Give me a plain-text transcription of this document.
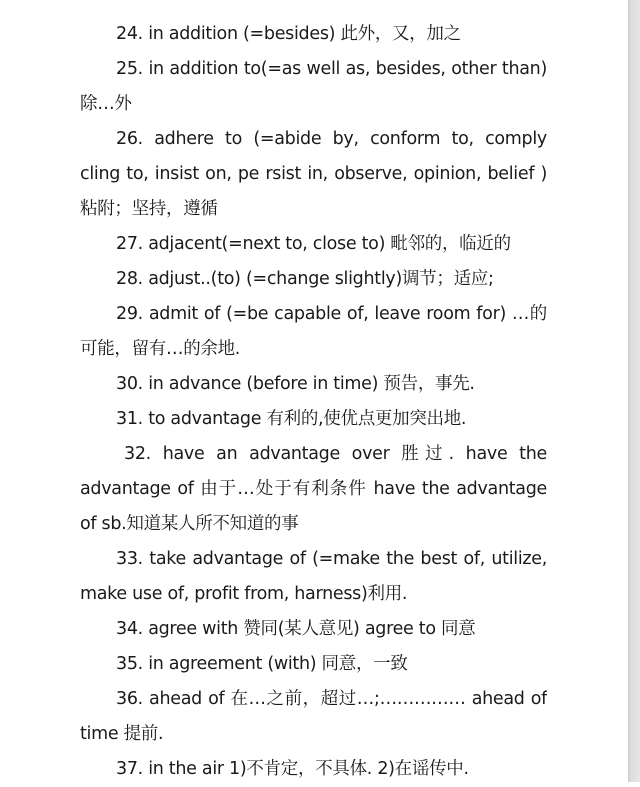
24. in addition (=besides) 此外，又，加之
25. in addition to(=as well as, besides, other than)
除…外
26. adhere to (=abide by, conform to, comply
cling to, insist on, pe rsist in, observe, opinion, belief )
粘附；坚持，遵循
27. adjacent(=next to, close to) 毗邻的，临近的
28. adjust..(to) (=change slightly)调节；适应;
29. admit of (=be capable of, leave room for) …的
可能，留有…的余地.
30. in advance (before in time) 预告，事先.
31. to advantage 有利的,使优点更加突出地.
32. have an advantage over 胜过. have the
advantage of 由于…处于有利条件 have the advantage
of sb.知道某人所不知道的事
33. take advantage of (=make the best of, utilize,
make use of, profit from, harness)利用.
34. agree with 赞同(某人意见) agree to 同意
35. in agreement (with) 同意，一致
36. ahead of 在…之前，超过…;…………… ahead of
time 提前.
37. in the air 1)不肯定，不具体. 2)在谣传中.
